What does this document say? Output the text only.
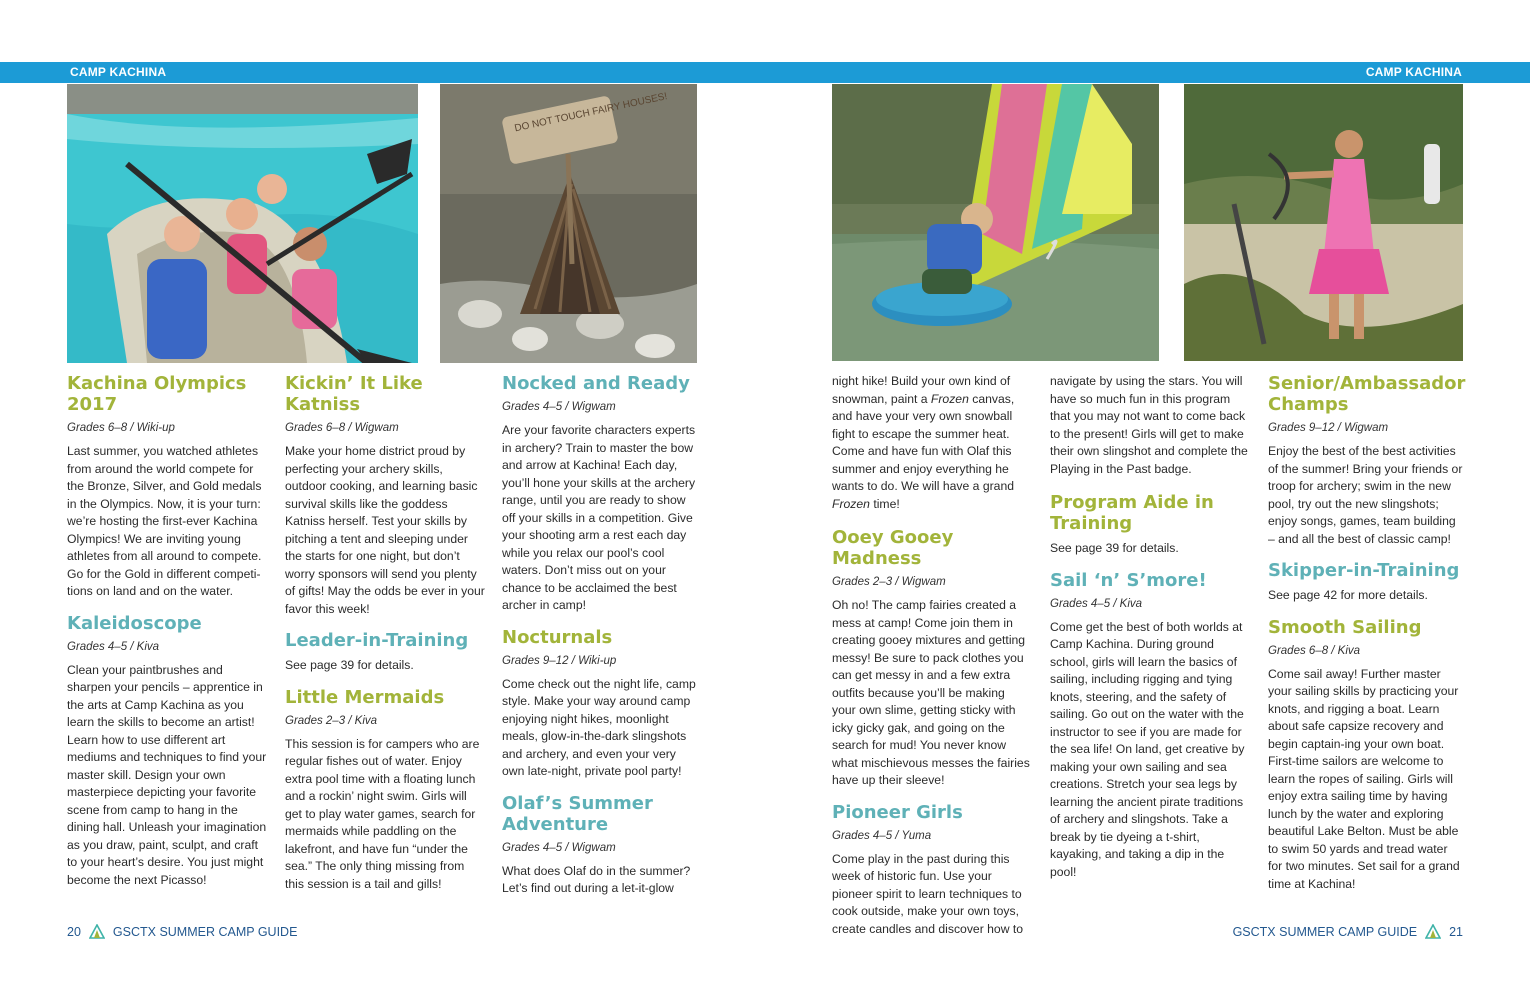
CAMP KACHINA	CAMP KACHINA
DO NOT TOUCH FAIRY HOUSES!
Kachina Olympics 2017
Grades 6–8 / Wiki-up

Last summer, you watched athletes from around the world compete for the Bronze, Silver, and Gold medals in the Olympics. Now, it is your turn: we’re hosting the first-ever Kachina Olympics! We are inviting young athletes from all around to compete. Go for the Gold in different competi-tions on land and on the water.

Kaleidoscope
Grades 4–5 / Kiva

Clean your paintbrushes and sharpen your pencils – apprentice in the arts at Camp Kachina as you learn the skills to become an artist! Learn how to use different art mediums and techniques to find your master skill. Design your own masterpiece depicting your favorite scene from camp to hang in the dining hall. Unleash your imagination as you draw, paint, sculpt, and craft to your heart’s desire. You just might become the next Picasso!

Kickin’ It Like Katniss
Grades 6–8 / Wigwam

Make your home district proud by perfecting your archery skills, outdoor cooking, and learning basic survival skills like the goddess Katniss herself. Test your skills by pitching a tent and sleeping under the starts for one night, but don’t worry sponsors will send you plenty of gifts! May the odds be ever in your favor this week!

Leader-in-Training

See page 39 for details.

Little Mermaids
Grades 2–3 / Kiva

This session is for campers who are regular fishes out of water. Enjoy extra pool time with a floating lunch and a rockin’ night swim. Girls will get to play water games, search for mermaids while paddling on the lakefront, and have fun “under the sea.” The only thing missing from this session is a tail and gills!

Nocked and Ready
Grades 4–5 / Wigwam

Are your favorite characters experts in archery? Train to master the bow and arrow at Kachina! Each day, you’ll hone your skills at the archery range, until you are ready to show off your skills in a competition. Give your shooting arm a rest each day while you relax our pool’s cool waters. Don’t miss out on your chance to be acclaimed the best archer in camp!

Nocturnals
Grades 9–12 / Wiki-up

Come check out the night life, camp style. Make your way around camp enjoying night hikes, moonlight meals, glow-in-the-dark slingshots and archery, and even your very own late-night, private pool party!

Olaf’s Summer Adventure
Grades 4–5 / Wigwam

What does Olaf do in the summer? Let’s find out during a let-it-glow

night hike! Build your own kind of snowman, paint a Frozen canvas, and have your very own snowball fight to escape the summer heat. Come and have fun with Olaf this summer and enjoy everything he wants to do. We will have a grand Frozen time!

Ooey Gooey Madness
Grades 2–3 / Wigwam

Oh no! The camp fairies created a mess at camp! Come join them in creating gooey mixtures and getting messy! Be sure to pack clothes you can get messy in and a few extra outfits because you’ll be making your own slime, getting sticky with icky gicky gak, and going on the search for mud! You never know what mischievous messes the fairies have up their sleeve!

Pioneer Girls
Grades 4–5 / Yuma

Come play in the past during this week of historic fun. Use your pioneer spirit to learn techniques to cook outside, make your own toys, create candles and discover how to

navigate by using the stars. You will have so much fun in this program that you may not want to come back to the present! Girls will get to make their own slingshot and complete the Playing in the Past badge.

Program Aide in Training

See page 39 for details.

Sail ‘n’ S’more!
Grades 4–5 / Kiva

Come get the best of both worlds at Camp Kachina. During ground school, girls will learn the basics of sailing, including rigging and tying knots, steering, and the safety of sailing. Go out on the water with the instructor to see if you are made for the sea life! On land, get creative by making your own sailing and sea creations. Stretch your sea legs by learning the ancient pirate traditions of archery and slingshots. Take a break by tie dyeing a t-shirt, kayaking, and taking a dip in the pool!

Senior/Ambassador Champs
Grades 9–12 / Wigwam

Enjoy the best of the best activities of the summer! Bring your friends or troop for archery; swim in the new pool, try out the new slingshots; enjoy songs, games, team building – and all the best of classic camp!

Skipper-in-Training

See page 42 for more details.

Smooth Sailing
Grades 6–8 / Kiva

Come sail away! Further master your sailing skills by practicing your knots, and rigging a boat. Learn about safe capsize recovery and begin captain-ing your own boat. First-time sailors are welcome to learn the ropes of sailing. Girls will enjoy extra sailing time by having lunch by the water and exploring beautiful Lake Belton. Must be able to swim 50 yards and tread water for two minutes. Set sail for a grand time at Kachina!

20	GSCTX SUMMER CAMP GUIDE	GSCTX SUMMER CAMP GUIDE	21
